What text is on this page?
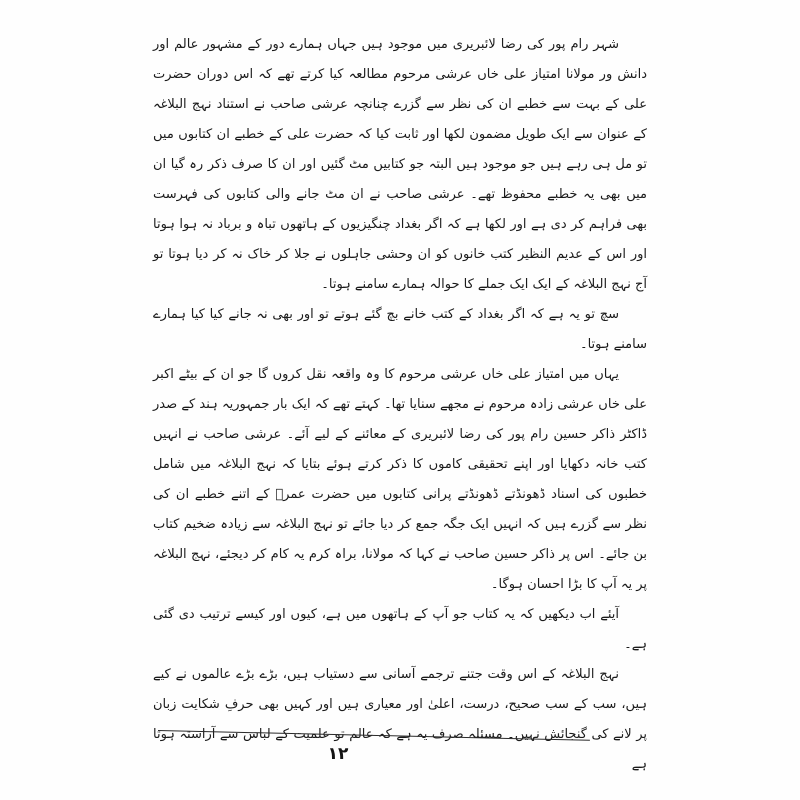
شہر رام پور کی رضا لائبریری میں موجود ہیں جہاں ہمارے دور کے مشہور عالم اور دانش ور مولانا امتیاز علی خاں عرشی مرحوم مطالعہ کیا کرتے تھے کہ اس دوران حضرت علی کے بہت سے خطبے ان کی نظر سے گزرے چنانچہ عرشی صاحب نے استناد نہج البلاغہ کے عنوان سے ایک طویل مضمون لکھا اور ثابت کیا کہ حضرت علی کے خطبے ان کتابوں میں تو مل ہی رہے ہیں جو موجود ہیں البتہ جو کتابیں مٹ گئیں اور ان کا صرف ذکر رہ گیا ان میں بھی یہ خطبے محفوظ تھے۔ عرشی صاحب نے ان مٹ جانے والی کتابوں کی فہرست بھی فراہم کر دی ہے اور لکھا ہے کہ اگر بغداد چنگیزیوں کے ہاتھوں تباہ و برباد نہ ہوا ہوتا اور اس کے عدیم النظیر کتب خانوں کو ان وحشی جاہلوں نے جلا کر خاک نہ کر دیا ہوتا تو آج نہج البلاغہ کے ایک ایک جملے کا حوالہ ہمارے سامنے ہوتا۔

سچ تو یہ ہے کہ اگر بغداد کے کتب خانے بچ گئے ہوتے تو اور بھی نہ جانے کیا کیا ہمارے سامنے ہوتا۔

یہاں میں امتیاز علی خاں عرشی مرحوم کا وہ واقعہ نقل کروں گا جو ان کے بیٹے اکبر علی خاں عرشی زادہ مرحوم نے مجھے سنایا تھا۔ کہتے تھے کہ ایک بار جمہوریہ ہند کے صدر ڈاکٹر ذاکر حسین رام پور کی رضا لائبریری کے معائنے کے لیے آئے۔ عرشی صاحب نے انہیں کتب خانہ دکھایا اور اپنے تحقیقی کاموں کا ذکر کرتے ہوئے بتایا کہ نہج البلاغہ میں شامل خطبوں کی اسناد ڈھونڈتے ڈھونڈتے پرانی کتابوں میں حضرت عمرؓ کے اتنے خطبے ان کی نظر سے گزرے ہیں کہ انہیں ایک جگہ جمع کر دیا جائے تو نہج البلاغہ سے زیادہ ضخیم کتاب بن جائے۔ اس پر ذاکر حسین صاحب نے کہا کہ مولانا، براہ کرم یہ کام کر دیجئے، نہج البلاغہ پر یہ آپ کا بڑا احسان ہوگا۔

آیئے اب دیکھیں کہ یہ کتاب جو آپ کے ہاتھوں میں ہے، کیوں اور کیسے ترتیب دی گئی ہے۔

نہج البلاغہ کے اس وقت جتنے ترجمے آسانی سے دستیاب ہیں، بڑے بڑے عالموں نے کیے ہیں، سب کے سب صحیح، درست، اعلیٰ اور معیاری ہیں اور کہیں بھی حرفِ شکایت زبان پر لانے کی گنجائش نہیں۔ مسئلہ صرف یہ ہے کہ عالم تو علمیت کے لباس سے آراستہ ہوتا ہے

۱۲
